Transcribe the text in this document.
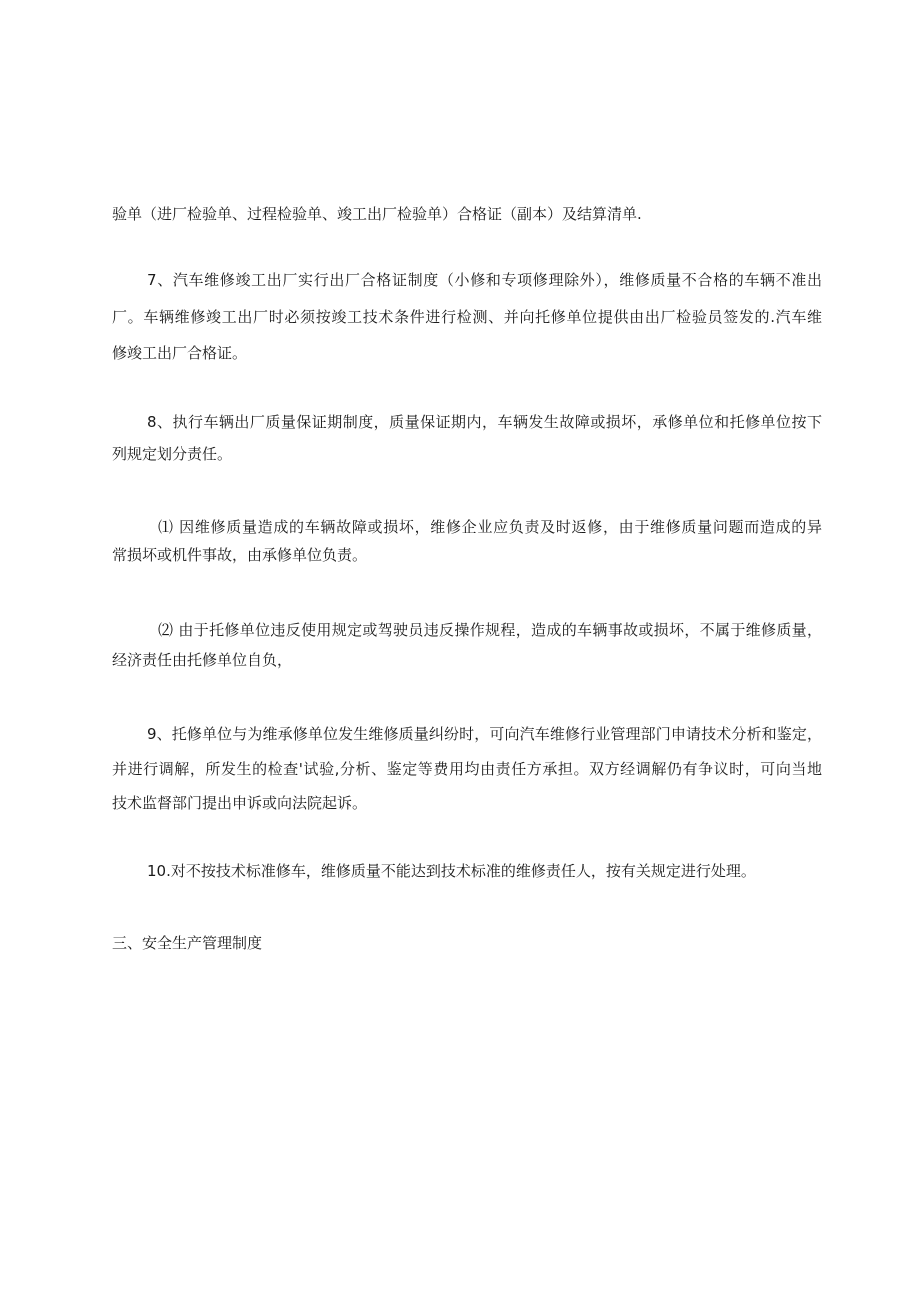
验单（进厂检验单、过程检验单、竣工出厂检验单）合格证（副本）及结算清单.
7、汽车维修竣工出厂实行出厂合格证制度（小修和专项修理除外），维修质量不合格的车辆不准出
厂。车辆维修竣工出厂时必须按竣工技术条件进行检测、并向托修单位提供由出厂检验员签发的.汽车维
修竣工出厂合格证。
8、执行车辆出厂质量保证期制度，质量保证期内，车辆发生故障或损坏，承修单位和托修单位按下
列规定划分责任。
⑴ 因维修质量造成的车辆故障或损坏，维修企业应负责及时返修，由于维修质量问题而造成的异
常损坏或机件事故，由承修单位负责。
⑵ 由于托修单位违反使用规定或驾驶员违反操作规程，造成的车辆事故或损坏，不属于维修质量，
经济责任由托修单位自负，
9、托修单位与为维承修单位发生维修质量纠纷时，可向汽车维修行业管理部门申请技术分析和鉴定，
并进行调解，所发生的检查'试验,分析、鉴定等费用均由责任方承担。双方经调解仍有争议时，可向当地
技术监督部门提出申诉或向法院起诉。
10.对不按技术标准修车，维修质量不能达到技术标准的维修责任人，按有关规定进行处理。
三、安全生产管理制度
